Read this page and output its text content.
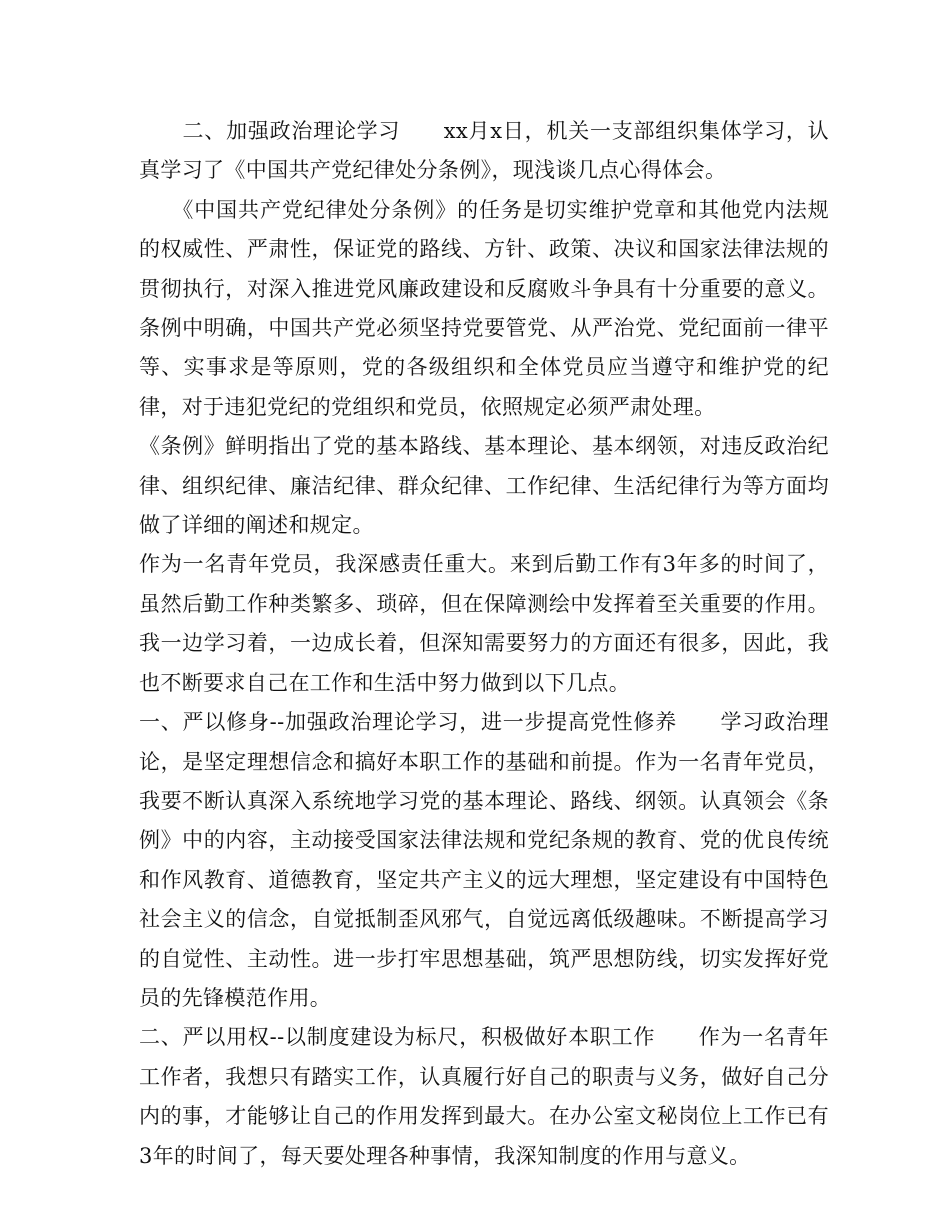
　　二、加强政治理论学习　　xx月x日，机关一支部组织集体学习，认真学习了《中国共产党纪律处分条例》，现浅谈几点心得体会。

　　《中国共产党纪律处分条例》的任务是切实维护党章和其他党内法规的权威性、严肃性，保证党的路线、方针、政策、决议和国家法律法规的贯彻执行，对深入推进党风廉政建设和反腐败斗争具有十分重要的意义。条例中明确，中国共产党必须坚持党要管党、从严治党、党纪面前一律平等、实事求是等原则，党的各级组织和全体党员应当遵守和维护党的纪律，对于违犯党纪的党组织和党员，依照规定必须严肃处理。

《条例》鲜明指出了党的基本路线、基本理论、基本纲领，对违反政治纪律、组织纪律、廉洁纪律、群众纪律、工作纪律、生活纪律行为等方面均做了详细的阐述和规定。

作为一名青年党员，我深感责任重大。来到后勤工作有3年多的时间了，虽然后勤工作种类繁多、琐碎，但在保障测绘中发挥着至关重要的作用。我一边学习着，一边成长着，但深知需要努力的方面还有很多，因此，我也不断要求自己在工作和生活中努力做到以下几点。

一、严以修身--加强政治理论学习，进一步提高党性修养　　学习政治理论，是坚定理想信念和搞好本职工作的基础和前提。作为一名青年党员，我要不断认真深入系统地学习党的基本理论、路线、纲领。认真领会《条例》中的内容，主动接受国家法律法规和党纪条规的教育、党的优良传统和作风教育、道德教育，坚定共产主义的远大理想，坚定建设有中国特色社会主义的信念，自觉抵制歪风邪气，自觉远离低级趣味。不断提高学习的自觉性、主动性。进一步打牢思想基础，筑严思想防线，切实发挥好党员的先锋模范作用。

二、严以用权--以制度建设为标尺，积极做好本职工作　　作为一名青年工作者，我想只有踏实工作，认真履行好自己的职责与义务，做好自己分内的事，才能够让自己的作用发挥到最大。在办公室文秘岗位上工作已有3年的时间了，每天要处理各种事情，我深知制度的作用与意义。
